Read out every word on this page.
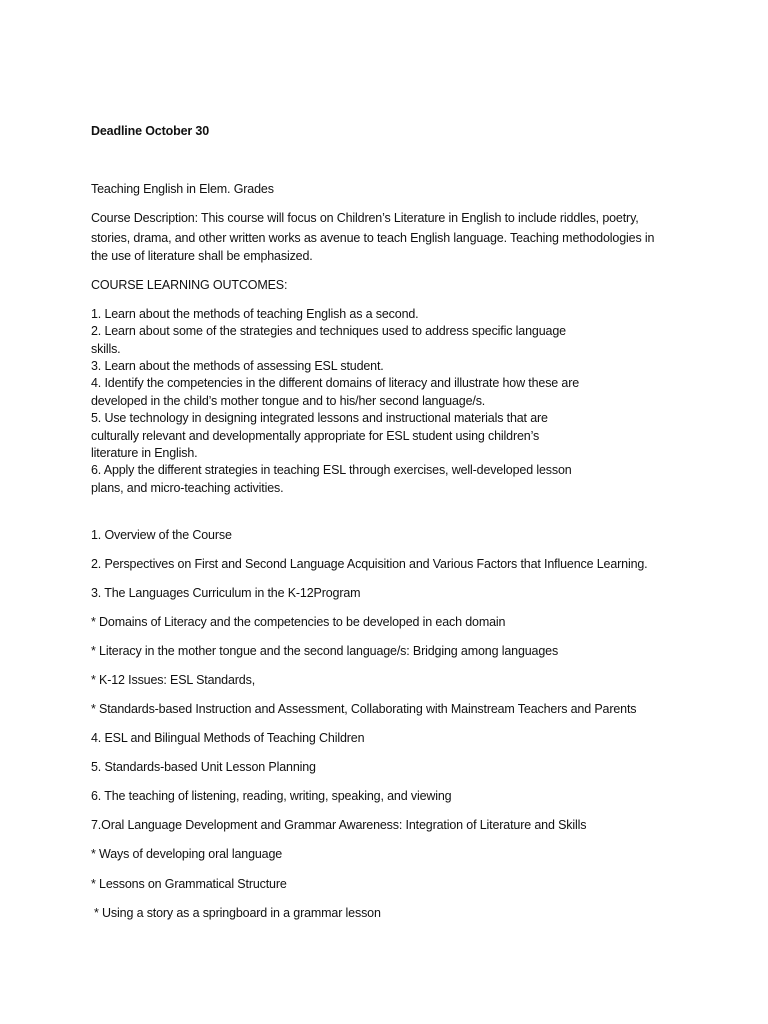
Deadline October 30
Teaching English in Elem. Grades
Course Description: This course will focus on Children’s Literature in English to include riddles, poetry,
stories, drama, and other written works as avenue to teach English language. Teaching methodologies in
the use of literature shall be emphasized.
COURSE LEARNING OUTCOMES:
1. Learn about the methods of teaching English as a second.
2. Learn about some of the strategies and techniques used to address specific language
skills.
3. Learn about the methods of assessing ESL student.
4. Identify the competencies in the different domains of literacy and illustrate how these are
developed in the child’s mother tongue and to his/her second language/s.
5. Use technology in designing integrated lessons and instructional materials that are
culturally relevant and developmentally appropriate for ESL student using children’s
literature in English.
6. Apply the different strategies in teaching ESL through exercises, well-developed lesson
plans, and micro-teaching activities.
1. Overview of the Course
2. Perspectives on First and Second Language Acquisition and Various Factors that Influence Learning.
3. The Languages Curriculum in the K-12Program
* Domains of Literacy and the competencies to be developed in each domain
* Literacy in the mother tongue and the second language/s: Bridging among languages
* K-12 Issues: ESL Standards,
* Standards-based Instruction and Assessment, Collaborating with Mainstream Teachers and Parents
4. ESL and Bilingual Methods of Teaching Children
5. Standards-based Unit Lesson Planning
6. The teaching of listening, reading, writing, speaking, and viewing
7.Oral Language Development and Grammar Awareness: Integration of Literature and Skills
* Ways of developing oral language
* Lessons on Grammatical Structure
* Using a story as a springboard in a grammar lesson
